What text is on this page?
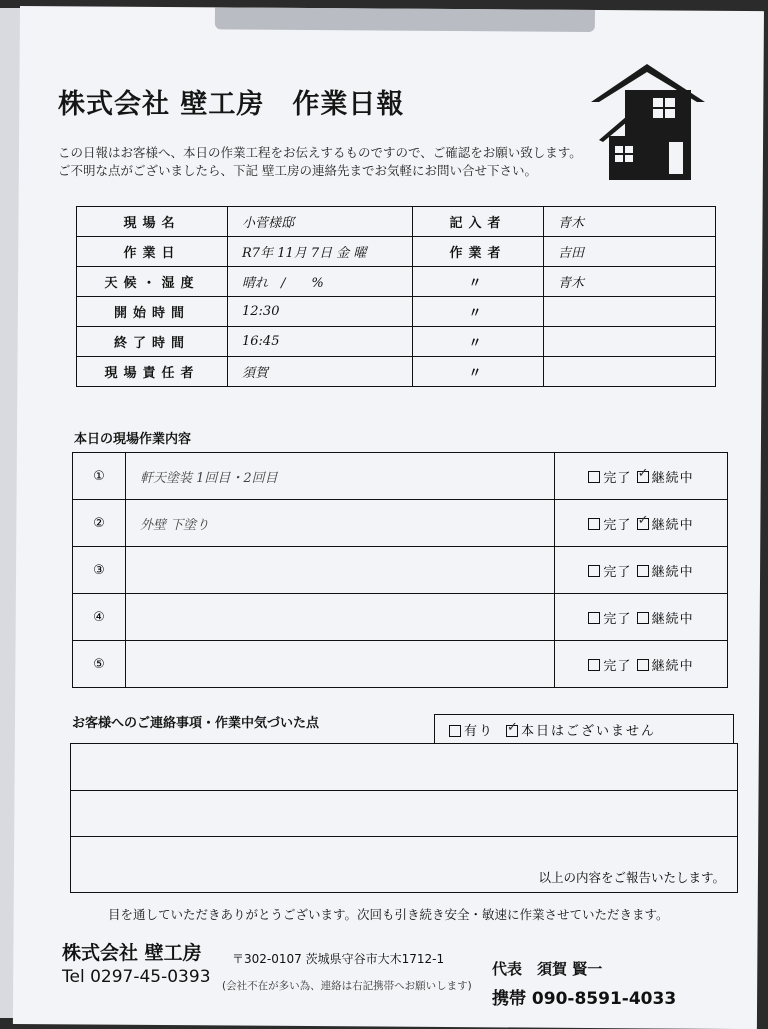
株式会社 壁工房　作業日報
この日報はお客様へ、本日の作業工程をお伝えするものですので、ご確認をお願い致します。
ご不明な点がございましたら、下記 壁工房の連絡先までお気軽にお問い合せ下さい。
現場名	小菅様邸	記入者	青木
作業日	R7年 11月 7日 金 曜	作業者	吉田
天候・湿度	晴れ　/　　%	〃	青木
開始時間	12:30	〃	
終了時間	16:45	〃	
現場責任者	須賀	〃	
本日の現場作業内容
①	軒天塗装 1回目・2回目	完了 ✓ 継続中
②	外壁 下塗り	完了 ✓ 継続中
③		完了 継続中
④		完了 継続中
⑤		完了 継続中
お客様へのご連絡事項・作業中気づいた点
有り ✓	本日はございません
以上の内容をご報告いたします。
目を通していただきありがとうございます。次回も引き続き安全・敏速に作業させていただきます。
株式会社 壁工房	〒302-0107 茨城県守谷市大木1712-1
Tel 0297-45-0393 (会社不在が多い為、連絡は右記携帯へお願いします)
代表　須賀 賢一
携帯 090-8591-4033
